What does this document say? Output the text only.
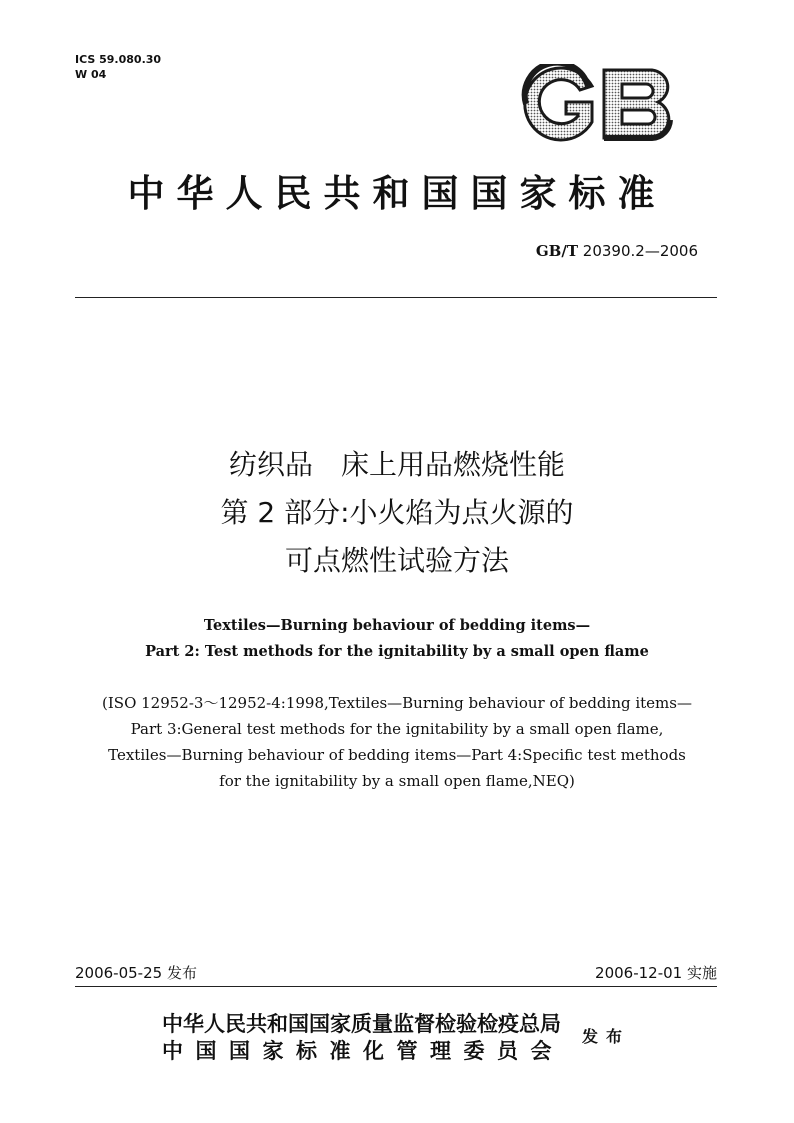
ICS 59.080.30
W 04
中华人民共和国国家标准
GB/T 20390.2—2006
纺织品　床上用品燃烧性能
第 2 部分:小火焰为点火源的
可点燃性试验方法
Textiles—Burning behaviour of bedding items—
Part 2: Test methods for the ignitability by a small open flame
(ISO 12952-3～12952-4:1998,Textiles—Burning behaviour of bedding items—
Part 3:General test methods for the ignitability by a small open flame,
Textiles—Burning behaviour of bedding items—Part 4:Specific test methods
for the ignitability by a small open flame,NEQ)
2006-05-25 发布	2006-12-01 实施
中华人民共和国国家质量监督检验检疫总局
中国国家标准化管理委员会
发布
